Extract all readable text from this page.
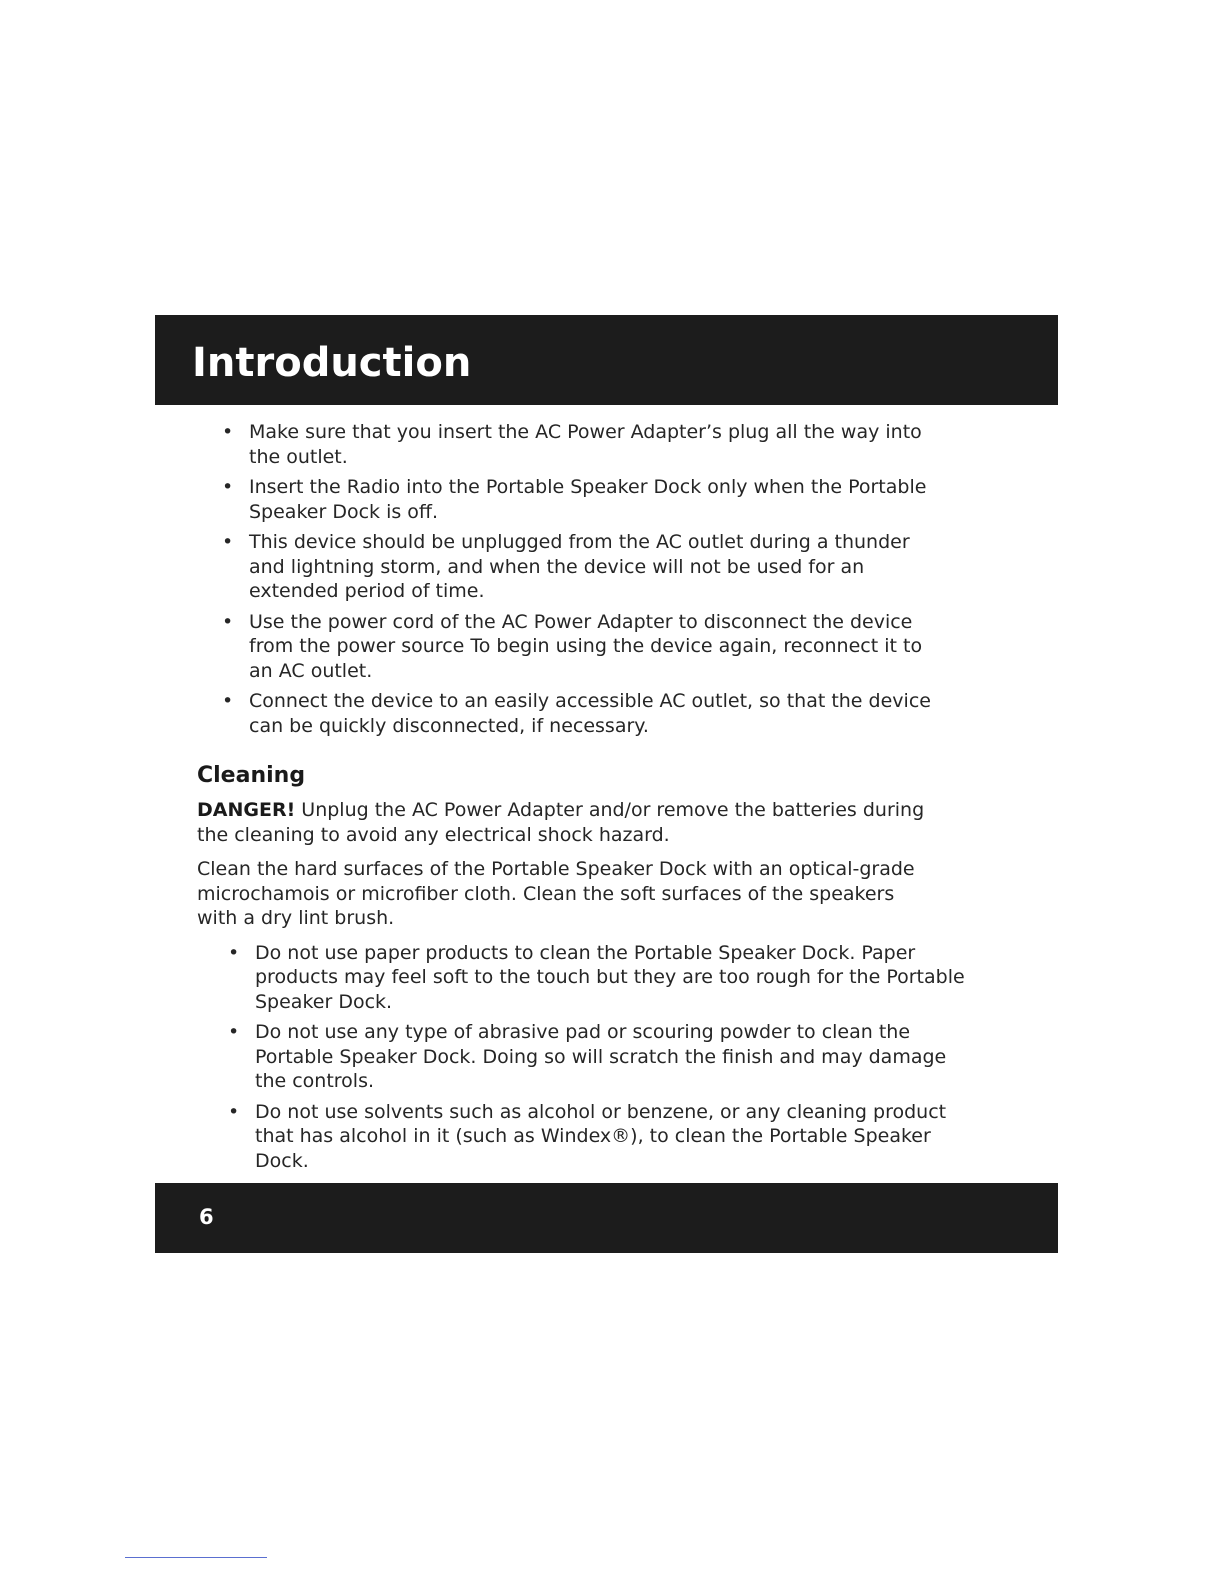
Introduction
• Make sure that you insert the AC Power Adapter’s plug all the way into the outlet.
• Insert the Radio into the Portable Speaker Dock only when the Portable Speaker Dock is off.
• This device should be unplugged from the AC outlet during a thunder and lightning storm, and when the device will not be used for an extended period of time.
• Use the power cord of the AC Power Adapter to disconnect the device from the power source To begin using the device again, reconnect it to an AC outlet.
• Connect the device to an easily accessible AC outlet, so that the device can be quickly disconnected, if necessary.
Cleaning

DANGER! Unplug the AC Power Adapter and/or remove the batteries during the cleaning to avoid any electrical shock hazard.

Clean the hard surfaces of the Portable Speaker Dock with an optical-grade microchamois or microfiber cloth. Clean the soft surfaces of the speakers with a dry lint brush.

• Do not use paper products to clean the Portable Speaker Dock. Paper products may feel soft to the touch but they are too rough for the Portable Speaker Dock.
• Do not use any type of abrasive pad or scouring powder to clean the Portable Speaker Dock. Doing so will scratch the finish and may damage the controls.
• Do not use solvents such as alcohol or benzene, or any cleaning product that has alcohol in it (such as Windex®), to clean the Portable Speaker Dock.
6
